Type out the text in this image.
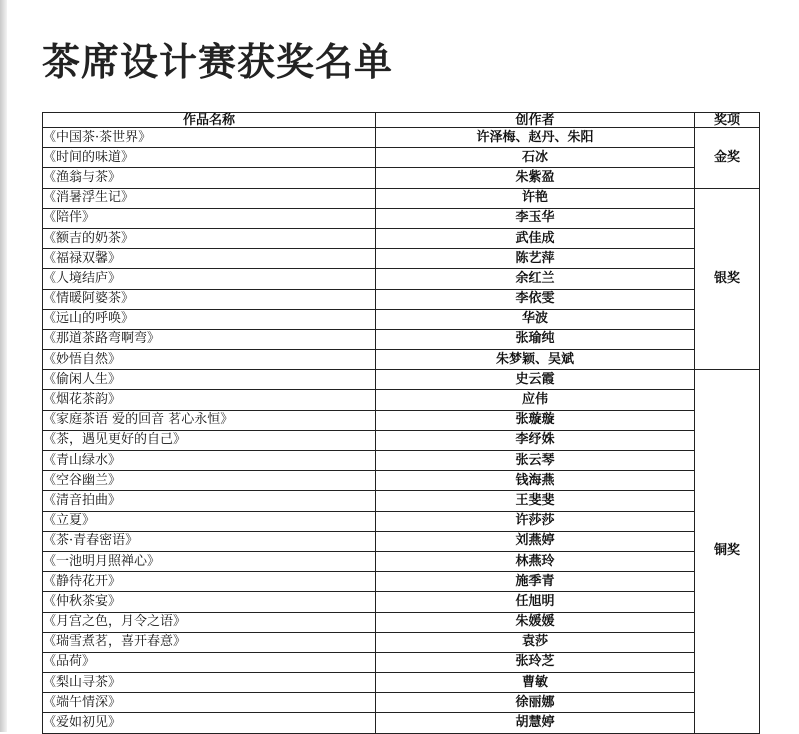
茶席设计赛获奖名单
作品名称	创作者	奖项
《中国茶·茶世界》	许泽梅、赵丹、朱阳	金奖
《时间的味道》	石冰	
《渔翁与茶》	朱紫盈	
《消暑浮生记》	许艳	银奖
《陪伴》	李玉华	
《额吉的奶茶》	武佳成	
《福禄双馨》	陈艺萍	
《人境结庐》	余红兰	
《情暖阿婆茶》	李依雯	
《远山的呼唤》	华波	
《那道茶路弯啊弯》	张瑜纯	
《妙悟自然》	朱梦颖、吴斌	
《偷闲人生》	史云霞	铜奖
《烟花茶韵》	应伟	
《家庭茶语 爱的回音 茗心永恒》	张璇璇	
《茶，遇见更好的自己》	李纾姝	
《青山绿水》	张云琴	
《空谷幽兰》	钱海燕	
《清音拍曲》	王斐斐	
《立夏》	许莎莎	
《茶·青春密语》	刘燕婷	
《一池明月照禅心》	林燕玲	
《静待花开》	施季青	
《仲秋茶宴》	任旭明	
《月宫之色，月令之语》	朱媛媛	
《瑞雪煮茗，喜开春意》	袁莎	
《品荷》	张玲芝	
《梨山寻茶》	曹敏	
《端午情深》	徐丽娜	
《爱如初见》	胡慧婷	
